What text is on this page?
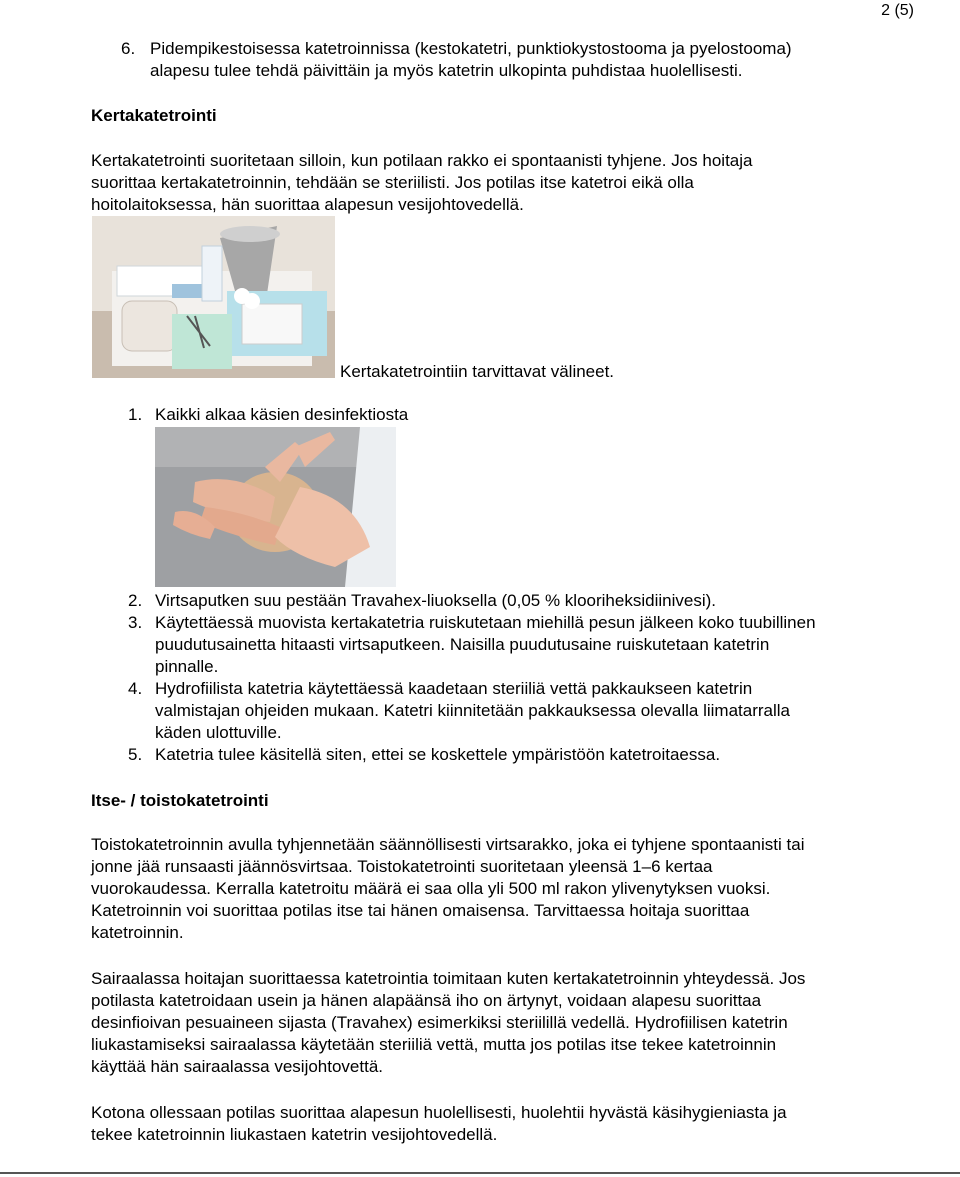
2 (5)
6. Pidempikestoisessa katetroinnissa (kestokatetri, punktiokystostooma ja pyelostooma)
alapesu tulee tehdä päivittäin ja myös katetrin ulkopinta puhdistaa huolellisesti.
Kertakatetrointi
Kertakatetrointi suoritetaan silloin, kun potilaan rakko ei spontaanisti tyhjene. Jos hoitaja
suorittaa kertakatetroinnin, tehdään se steriilisti. Jos potilas itse katetroi eikä olla
hoitolaitoksessa, hän suorittaa alapesun vesijohtovedellä.
Kertakatetrointiin tarvittavat välineet.
1. Kaikki alkaa käsien desinfektiosta
2. Virtsaputken suu pestään Travahex-liuoksella (0,05 % klooriheksidiinivesi).
3. Käytettäessä muovista kertakatetria ruiskutetaan miehillä pesun jälkeen koko tuubillinen
puudutusainetta hitaasti virtsaputkeen. Naisilla puudutusaine ruiskutetaan katetrin
pinnalle.
4. Hydrofiilista katetria käytettäessä kaadetaan steriiliä vettä pakkaukseen katetrin
valmistajan ohjeiden mukaan. Katetri kiinnitetään pakkauksessa olevalla liimatarralla
käden ulottuville.
5. Katetria tulee käsitellä siten, ettei se koskettele ympäristöön katetroitaessa.
Itse- / toistokatetrointi
Toistokatetroinnin avulla tyhjennetään säännöllisesti virtsarakko, joka ei tyhjene spontaanisti tai
jonne jää runsaasti jäännösvirtsaa. Toistokatetrointi suoritetaan yleensä 1–6 kertaa
vuorokaudessa. Kerralla katetroitu määrä ei saa olla yli 500 ml rakon ylivenytyksen vuoksi.
Katetroinnin voi suorittaa potilas itse tai hänen omaisensa. Tarvittaessa hoitaja suorittaa
katetroinnin.
Sairaalassa hoitajan suorittaessa katetrointia toimitaan kuten kertakatetroinnin yhteydessä. Jos
potilasta katetroidaan usein ja hänen alapäänsä iho on ärtynyt, voidaan alapesu suorittaa
desinfioivan pesuaineen sijasta (Travahex) esimerkiksi steriilillä vedellä. Hydrofiilisen katetrin
liukastamiseksi sairaalassa käytetään steriiliä vettä, mutta jos potilas itse tekee katetroinnin
käyttää hän sairaalassa vesijohtovettä.
Kotona ollessaan potilas suorittaa alapesun huolellisesti, huolehtii hyvästä käsihygieniasta ja
tekee katetroinnin liukastaen katetrin vesijohtovedellä.
